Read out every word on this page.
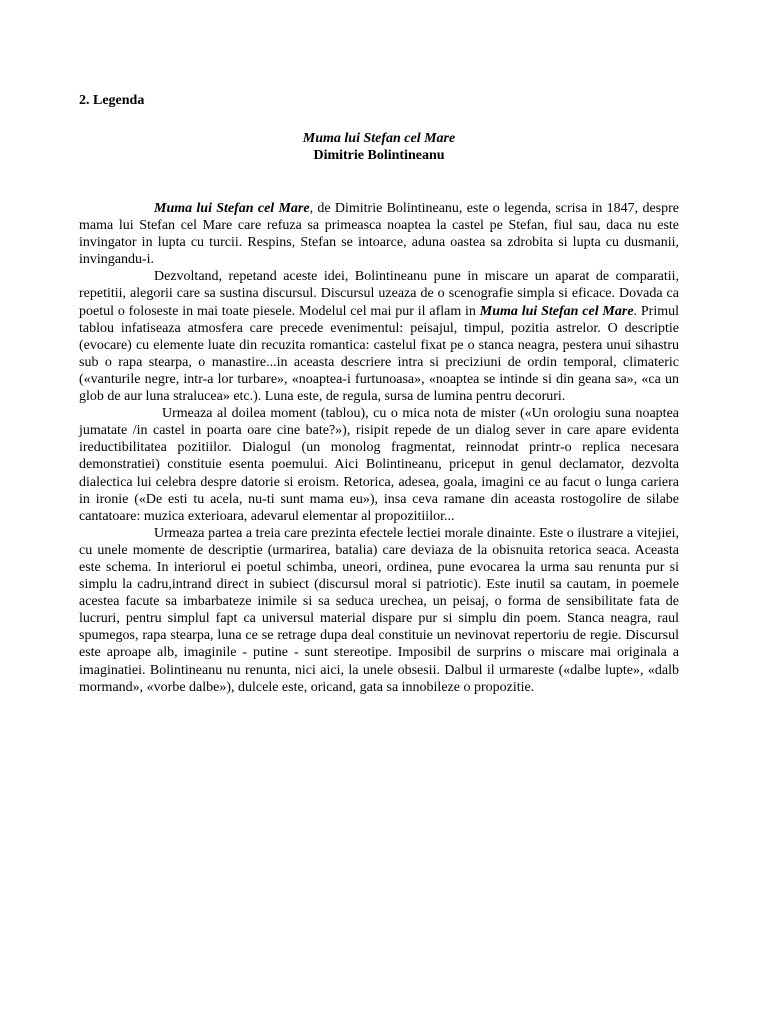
2. Legenda
Muma lui Stefan cel Mare
Dimitrie Bolintineanu

Muma lui Stefan cel Mare, de Dimitrie Bolintineanu, este o legenda, scrisa in 1847, despre mama lui Stefan cel Mare care refuza sa primeasca noaptea la castel pe Stefan, fiul sau, daca nu este invingator in lupta cu turcii. Respins, Stefan se intoarce, aduna oastea sa zdrobita si lupta cu dusmanii, invingandu-i.

Dezvoltand, repetand aceste idei, Bolintineanu pune in miscare un aparat de comparatii, repetitii, alegorii care sa sustina discursul. Discursul uzeaza de o scenografie simpla si eficace. Dovada ca poetul o foloseste in mai toate piesele. Modelul cel mai pur il aflam in Muma lui Stefan cel Mare. Primul tablou infatiseaza atmosfera care precede evenimentul: peisajul, timpul, pozitia astrelor. O descriptie (evocare) cu elemente luate din recuzita romantica: castelul fixat pe o stanca neagra, pestera unui sihastru sub o rapa stearpa, o manastire...in aceasta descriere intra si preciziuni de ordin temporal, climateric («vanturile negre, intr-a lor turbare», «noaptea-i furtunoasa», «noaptea se intinde si din geana sa», «ca un glob de aur luna stralucea» etc.). Luna este, de regula, sursa de lumina pentru decoruri.

Urmeaza al doilea moment (tablou), cu o mica nota de mister («Un orologiu suna noaptea jumatate /in castel in poarta oare cine bate?»), risipit repede de un dialog sever in care apare evidenta ireductibilitatea pozitiilor. Dialogul (un monolog fragmentat, reinnodat printr-o replica necesara demonstratiei) constituie esenta poemului. Aici Bolintineanu, priceput in genul declamator, dezvolta dialectica lui celebra despre datorie si eroism. Retorica, adesea, goala, imagini ce au facut o lunga cariera in ironie («De esti tu acela, nu-ti sunt mama eu»), insa ceva ramane din aceasta rostogolire de silabe cantatoare: muzica exterioara, adevarul elementar al propozitiilor...

Urmeaza partea a treia care prezinta efectele lectiei morale dinainte. Este o ilustrare a vitejiei, cu unele momente de descriptie (urmarirea, batalia) care deviaza de la obisnuita retorica seaca. Aceasta este schema. In interiorul ei poetul schimba, uneori, ordinea, pune evocarea la urma sau renunta pur si simplu la cadru,intrand direct in subiect (discursul moral si patriotic). Este inutil sa cautam, in poemele acestea facute sa imbarbateze inimile si sa seduca urechea, un peisaj, o forma de sensibilitate fata de lucruri, pentru simplul fapt ca universul material dispare pur si simplu din poem. Stanca neagra, raul spumegos, rapa stearpa, luna ce se retrage dupa deal constituie un nevinovat repertoriu de regie. Discursul este aproape alb, imaginile - putine - sunt stereotipe. Imposibil de surprins o miscare mai originala a imaginatiei. Bolintineanu nu renunta, nici aici, la unele obsesii. Dalbul il urmareste («dalbe lupte», «dalb mormand», «vorbe dalbe»), dulcele este, oricand, gata sa innobileze o propozitie.
